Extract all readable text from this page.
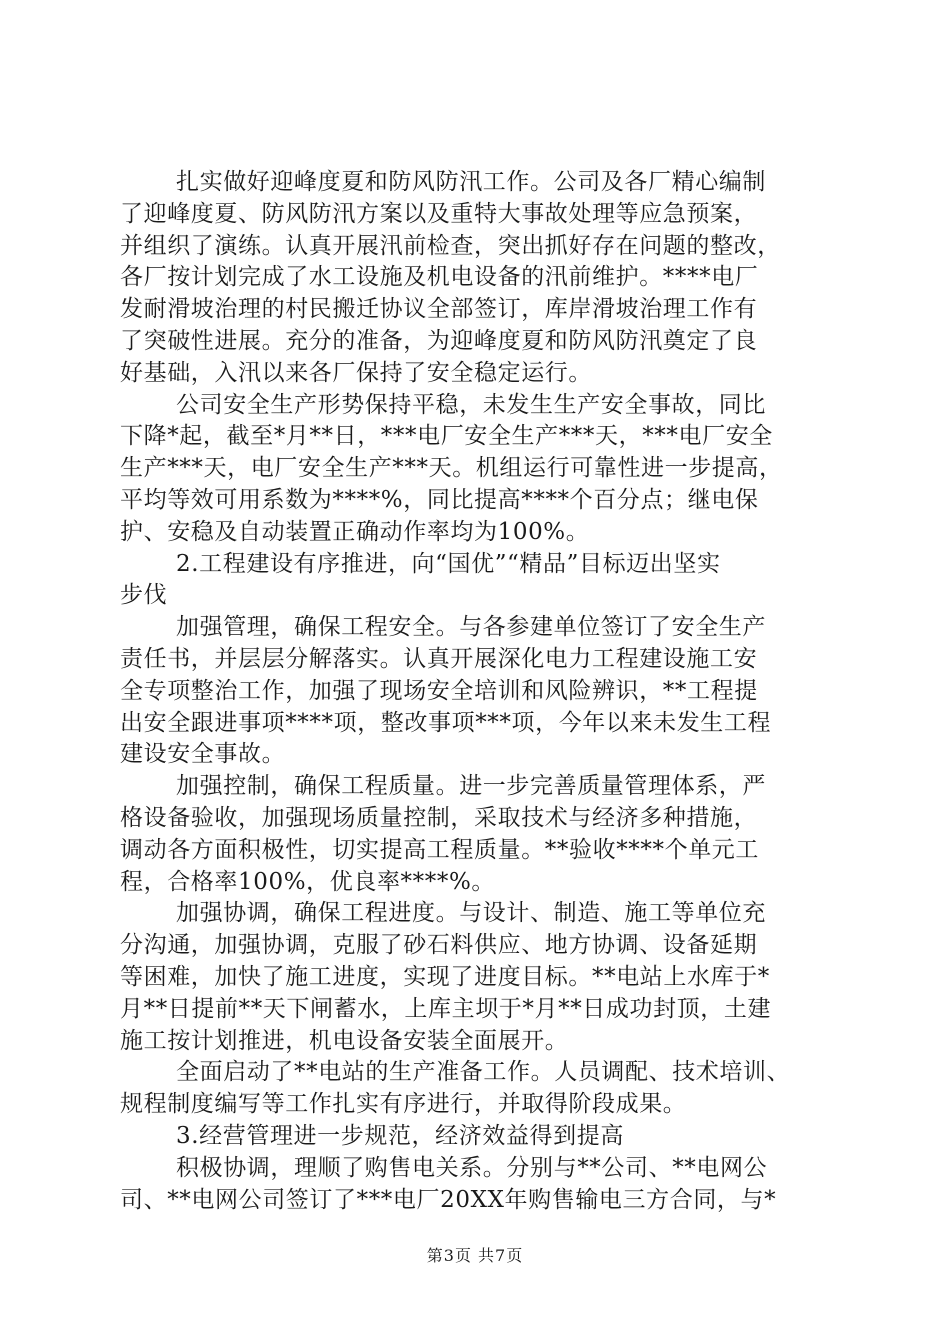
扎实做好迎峰度夏和防风防汛工作。公司及各厂精心编制
了迎峰度夏、防风防汛方案以及重特大事故处理等应急预案，
并组织了演练。认真开展汛前检查，突出抓好存在问题的整改，
各厂按计划完成了水工设施及机电设备的汛前维护。****电厂
发耐滑坡治理的村民搬迁协议全部签订，库岸滑坡治理工作有
了突破性进展。充分的准备，为迎峰度夏和防风防汛奠定了良
好基础，入汛以来各厂保持了安全稳定运行。
公司安全生产形势保持平稳，未发生生产安全事故，同比
下降*起，截至*月**日，***电厂安全生产***天，***电厂安全
生产***天，电厂安全生产***天。机组运行可靠性进一步提高，
平均等效可用系数为****%，同比提高****个百分点；继电保
护、安稳及自动装置正确动作率均为100%。
2.工程建设有序推进，向“国优”“精品”目标迈出坚实
步伐
加强管理，确保工程安全。与各参建单位签订了安全生产
责任书，并层层分解落实。认真开展深化电力工程建设施工安
全专项整治工作，加强了现场安全培训和风险辨识，**工程提
出安全跟进事项****项，整改事项***项，今年以来未发生工程
建设安全事故。
加强控制，确保工程质量。进一步完善质量管理体系，严
格设备验收，加强现场质量控制，采取技术与经济多种措施，
调动各方面积极性，切实提高工程质量。**验收****个单元工
程，合格率100%，优良率****%。
加强协调，确保工程进度。与设计、制造、施工等单位充
分沟通，加强协调，克服了砂石料供应、地方协调、设备延期
等困难，加快了施工进度，实现了进度目标。**电站上水库于*
月**日提前**天下闸蓄水，上库主坝于*月**日成功封顶，土建
施工按计划推进，机电设备安装全面展开。
全面启动了**电站的生产准备工作。人员调配、技术培训、
规程制度编写等工作扎实有序进行，并取得阶段成果。
3.经营管理进一步规范，经济效益得到提高
积极协调，理顺了购售电关系。分别与**公司、**电网公
司、**电网公司签订了***电厂20XX年购售输电三方合同，与*
第3页 共7页
